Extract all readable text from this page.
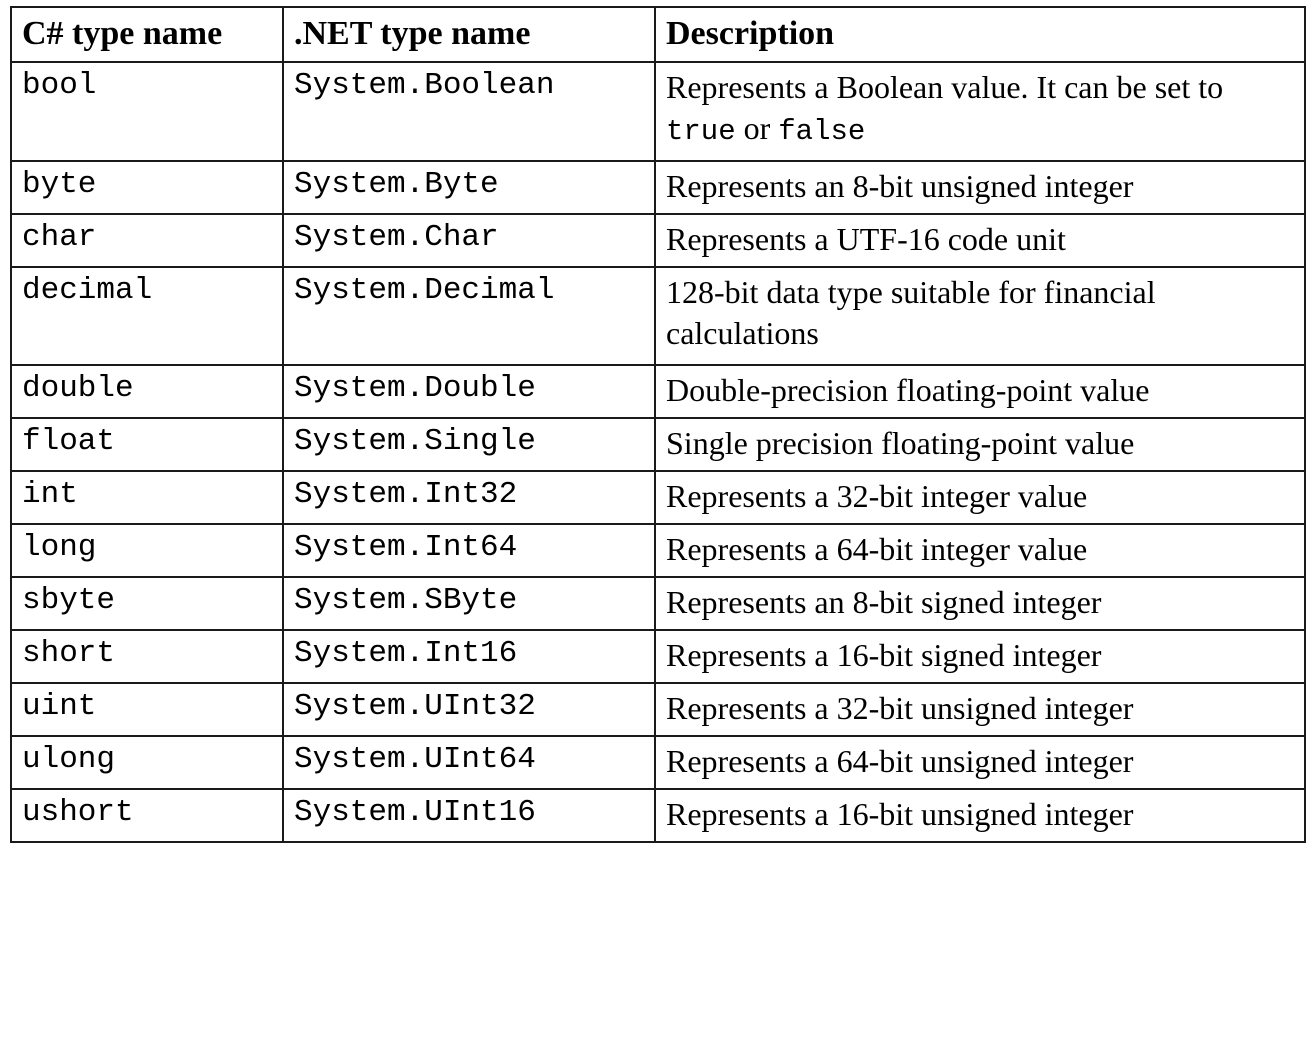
C# type name	.NET type name	Description
bool	System.Boolean	Represents a Boolean value. It can be set to true or false
byte	System.Byte	Represents an 8-bit unsigned integer
char	System.Char	Represents a UTF-16 code unit
decimal	System.Decimal	128-bit data type suitable for financial calculations
double	System.Double	Double-precision floating-point value
float	System.Single	Single precision floating-point value
int	System.Int32	Represents a 32-bit integer value
long	System.Int64	Represents a 64-bit integer value
sbyte	System.SByte	Represents an 8-bit signed integer
short	System.Int16	Represents a 16-bit signed integer
uint	System.UInt32	Represents a 32-bit unsigned integer
ulong	System.UInt64	Represents a 64-bit unsigned integer
ushort	System.UInt16	Represents a 16-bit unsigned integer
